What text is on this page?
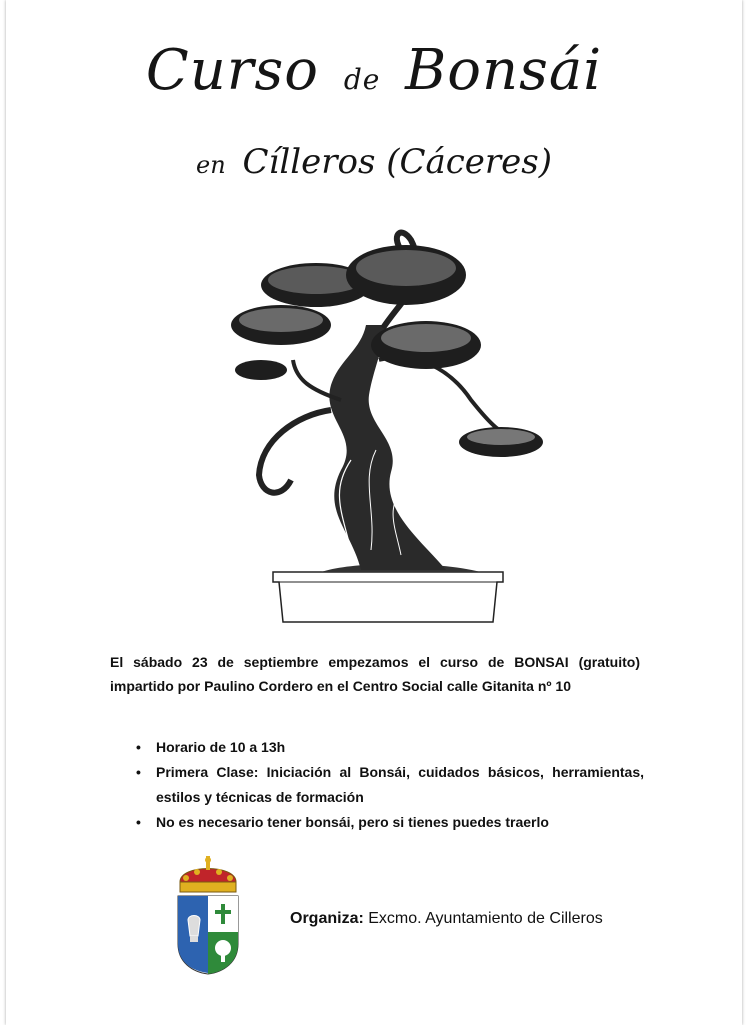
Curso de Bonsái
en Cílleros (Cáceres)
El sábado 23 de septiembre empezamos el curso de BONSAI (gratuito) impartido por Paulino Cordero en el Centro Social calle Gitanita nº 10
• Horario de 10 a 13h
• Primera Clase: Iniciación al Bonsái, cuidados básicos, herramientas, estilos y técnicas de formación
• No es necesario tener bonsái, pero si tienes puedes traerlo
Organiza: Excmo. Ayuntamiento de Cilleros
